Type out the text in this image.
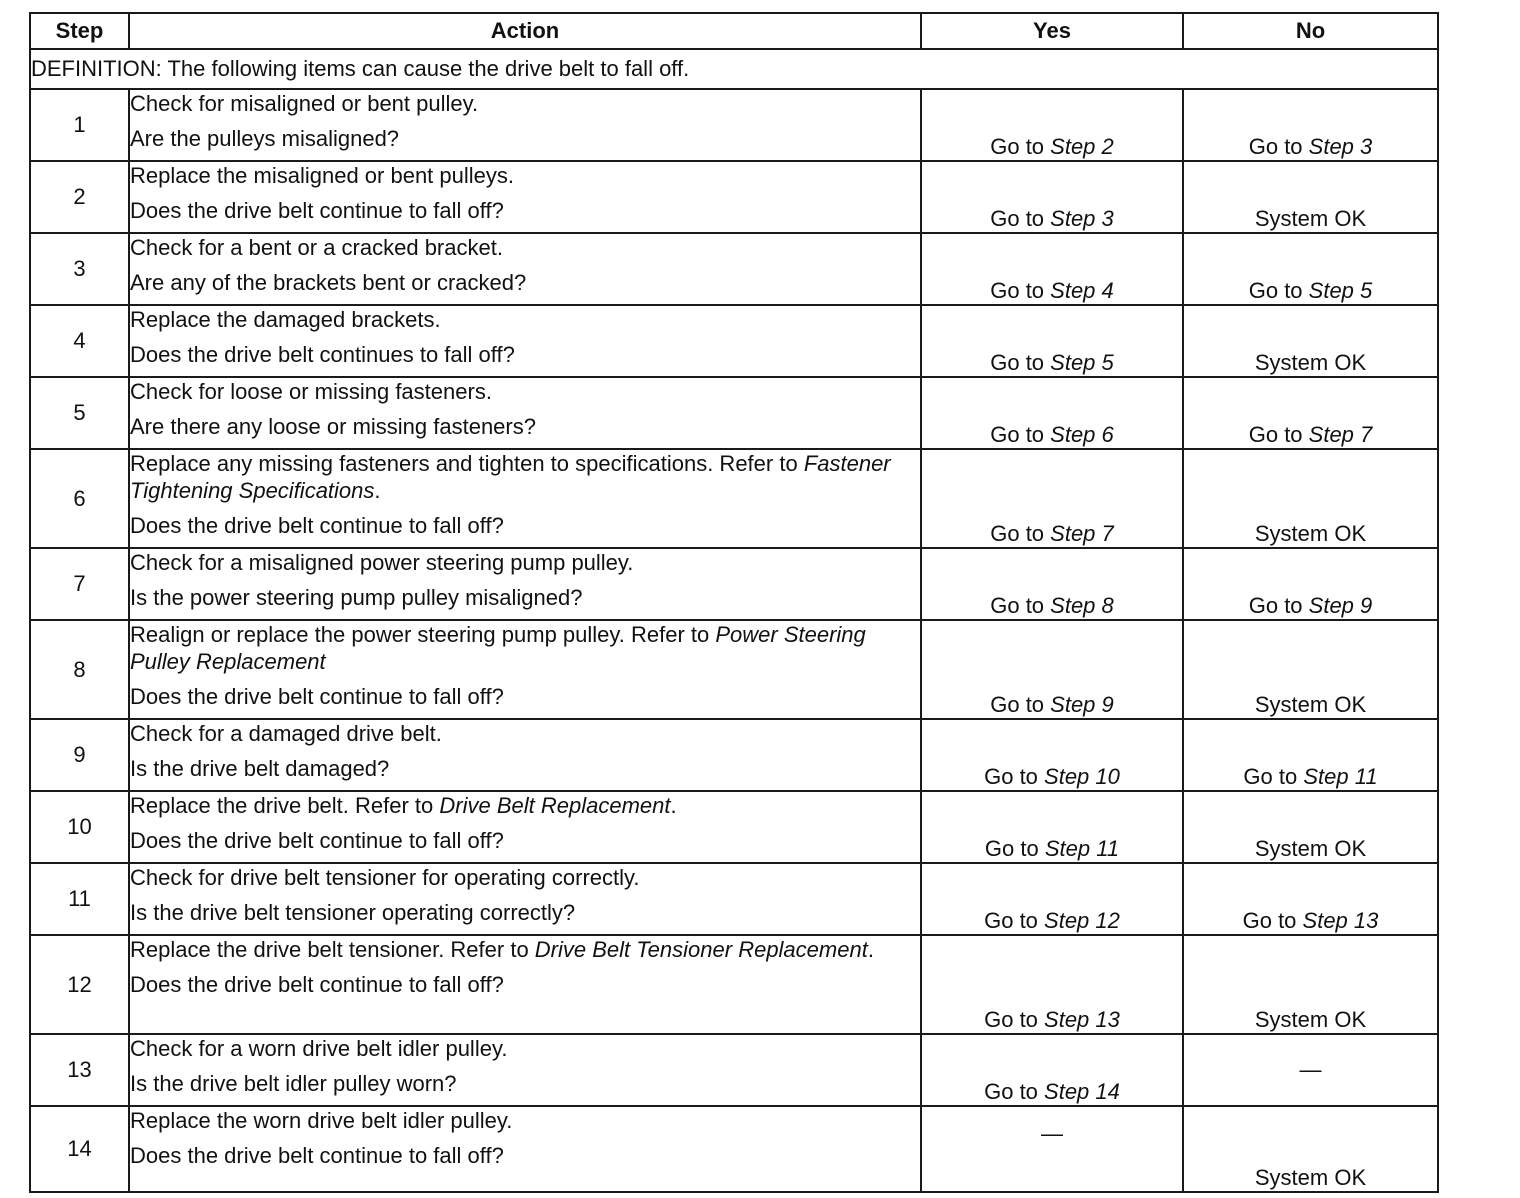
Step	Action	Yes	No
DEFINITION: The following items can cause the drive belt to fall off.			
1	Check for misaligned or bent pulley.
Are the pulleys misaligned?	Go to Step 2	Go to Step 3
2	Replace the misaligned or bent pulleys.
Does the drive belt continue to fall off?	Go to Step 3	System OK
3	Check for a bent or a cracked bracket.
Are any of the brackets bent or cracked?	Go to Step 4	Go to Step 5
4	Replace the damaged brackets.
Does the drive belt continues to fall off?	Go to Step 5	System OK
5	Check for loose or missing fasteners.
Are there any loose or missing fasteners?	Go to Step 6	Go to Step 7
6	Replace any missing fasteners and tighten to specifications. Refer to Fastener Tightening Specifications.
Does the drive belt continue to fall off?	Go to Step 7	System OK
7	Check for a misaligned power steering pump pulley.
Is the power steering pump pulley misaligned?	Go to Step 8	Go to Step 9
8	Realign or replace the power steering pump pulley. Refer to Power Steering Pulley Replacement
Does the drive belt continue to fall off?	Go to Step 9	System OK
9	Check for a damaged drive belt.
Is the drive belt damaged?	Go to Step 10	Go to Step 11
10	Replace the drive belt. Refer to Drive Belt Replacement.
Does the drive belt continue to fall off?	Go to Step 11	System OK
11	Check for drive belt tensioner for operating correctly.
Is the drive belt tensioner operating correctly?	Go to Step 12	Go to Step 13
12	Replace the drive belt tensioner. Refer to Drive Belt Tensioner Replacement.
Does the drive belt continue to fall off?	Go to Step 13	System OK
13	Check for a worn drive belt idler pulley.
Is the drive belt idler pulley worn?	Go to Step 14	—
14	Replace the worn drive belt idler pulley.
Does the drive belt continue to fall off?	—	System OK
